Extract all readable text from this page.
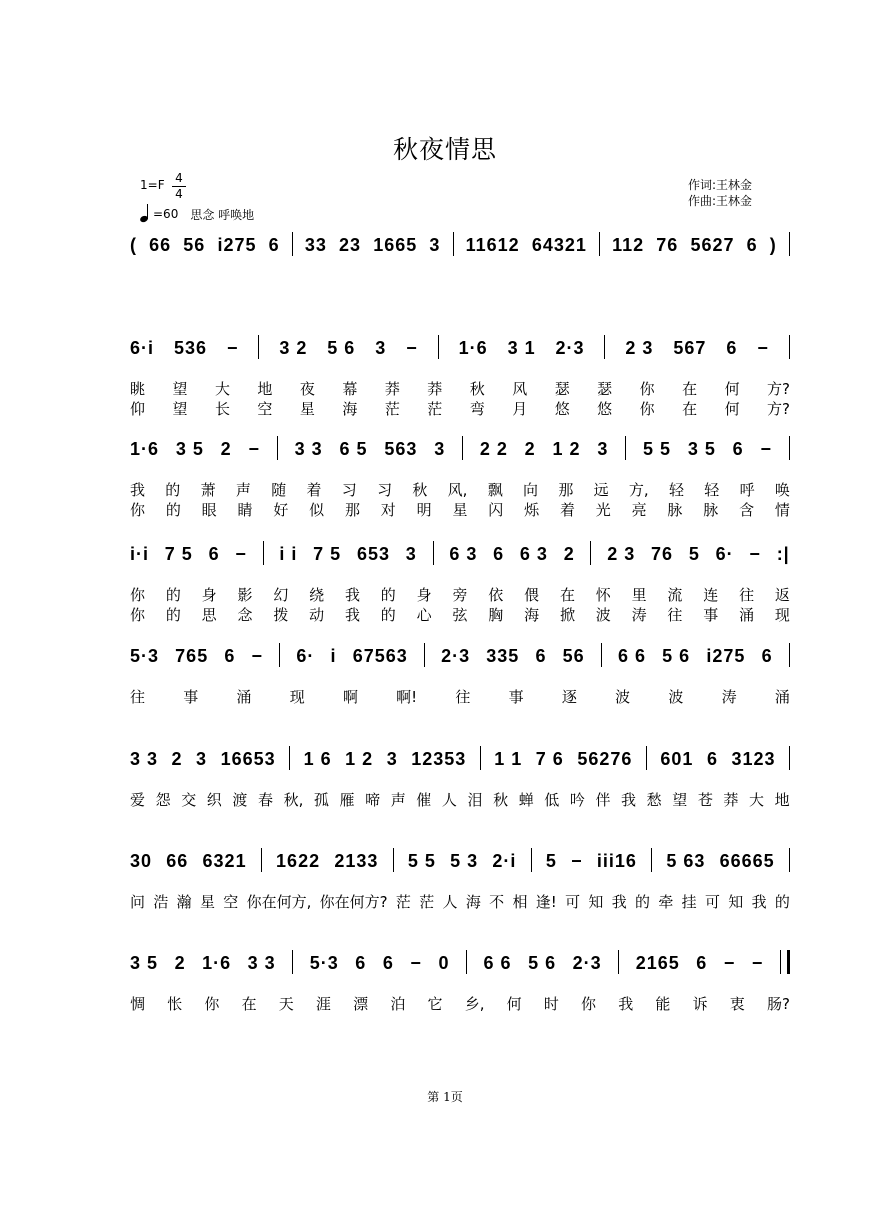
秋夜情思
1=F 4
4
=60 思念 呼唤地
作词:王林金
作曲:王林金
( 66 56 i275 6 33 23 1665 3 11612 64321 112 76 5627 6 )
6·i 536 − 3 2 5 6 3 − 1·6 3 1 2·3 2 3 567 6 −
眺 望 大 地 夜 幕 莽 莽 秋 风 瑟 瑟 你 在 何 方?
仰 望 长 空 星 海 茫 茫 弯 月 悠 悠 你 在 何 方?
1·6 3 5 2 − 3 3 6 5 563 3 2 2 2 1 2 3 5 5 3 5 6 −
我 的 萧 声 随 着 习 习 秋 风, 飘 向 那 远 方, 轻 轻 呼 唤
你 的 眼 睛 好 似 那 对 明 星 闪 烁 着 光 亮 脉 脉 含 情
i·i 7 5 6 − i i 7 5 653 3 6 3 6 6 3 2 2 3 76 5 6· − :|
你 的 身 影 幻 绕 我 的 身 旁 依 偎 在 怀 里 流 连 往 返
你 的 思 念 拨 动 我 的 心 弦 胸 海 掀 波 涛 往 事 涌 现
5·3 765 6 − 6· i 67563 2·3 335 6 56 6 6 5 6 i275 6
往	事	涌	现	啊	啊!	往	事	逐	波	波	涛	涌
3 3 2 3 16653 1 6 1 2 3 12353 1 1 7 6 56276 601 6 3123
爱 怨 交 织 渡 春 秋, 孤 雁 啼 声 催 人 泪 秋 蝉 低 吟 伴 我 愁 望 苍 莽 大 地
30 66 6321 1622 2133 5 5 5 3 2·i 5 − iii16 5 63 66665
问 浩 瀚 星 空 你在何方, 你在何方? 茫 茫 人 海 不 相 逢! 可 知 我 的 牵 挂 可 知 我 的
3 5 2 1·6 3 3 5·3 6 6 − 0 6 6 5 6 2·3 2165 6 − −
惆 怅 你 在 天 涯 漂 泊 它 乡, 何 时 你 我 能 诉 衷 肠?
第 1页
